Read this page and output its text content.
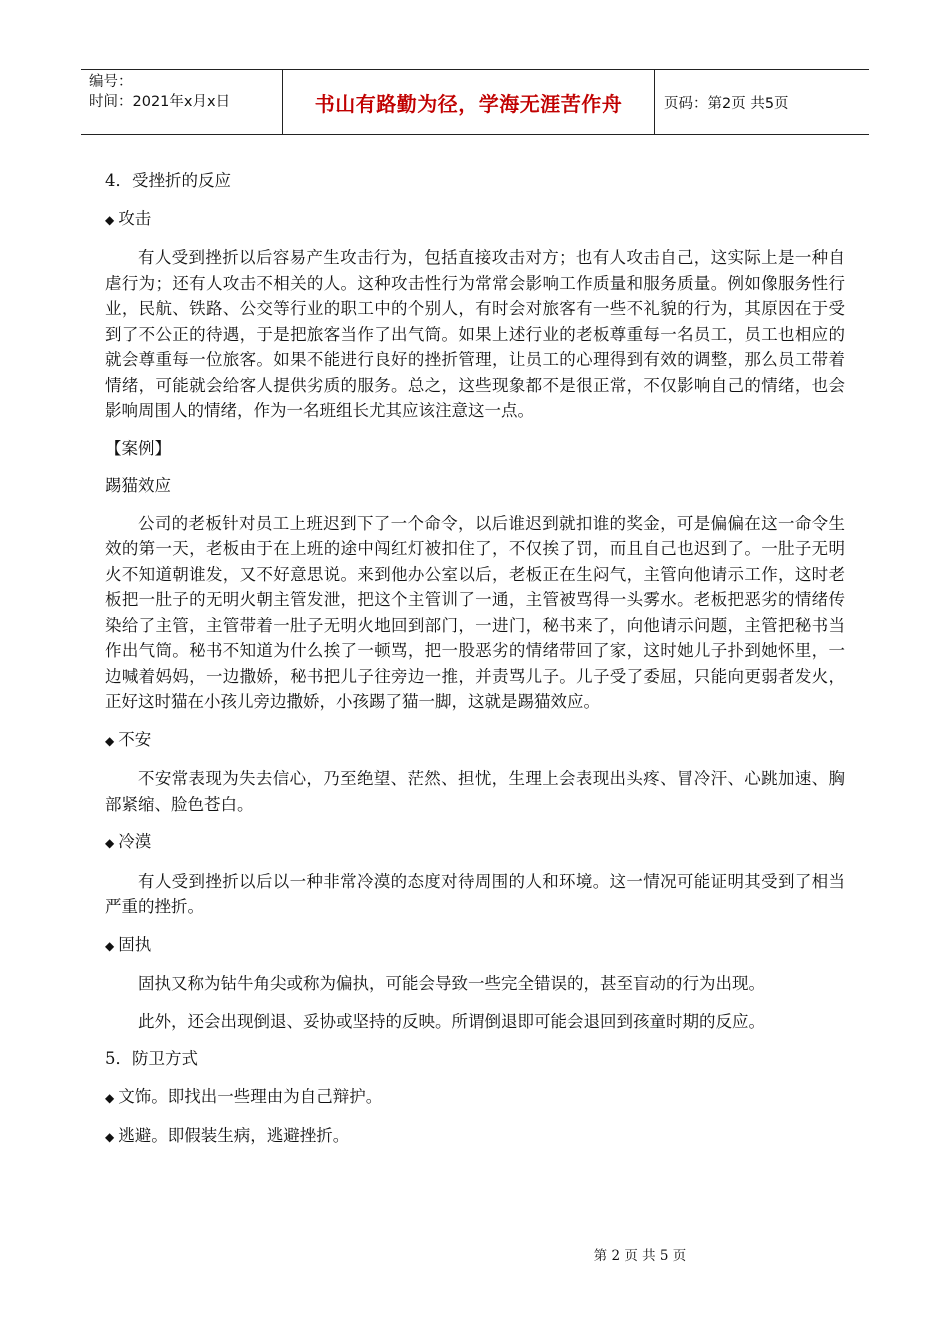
编号：
时间：2021年x月x日	书山有路勤为径，学海无涯苦作舟	页码：第2页 共5页

4．受挫折的反应

◆ 攻击

有人受到挫折以后容易产生攻击行为，包括直接攻击对方；也有人攻击自己，这实际上是一种自虐行为；还有人攻击不相关的人。这种攻击性行为常常会影响工作质量和服务质量。例如像服务性行业，民航、铁路、公交等行业的职工中的个别人，有时会对旅客有一些不礼貌的行为，其原因在于受到了不公正的待遇，于是把旅客当作了出气筒。如果上述行业的老板尊重每一名员工，员工也相应的就会尊重每一位旅客。如果不能进行良好的挫折管理，让员工的心理得到有效的调整，那么员工带着情绪，可能就会给客人提供劣质的服务。总之，这些现象都不是很正常，不仅影响自己的情绪，也会影响周围人的情绪，作为一名班组长尤其应该注意这一点。

【案例】

踢猫效应

公司的老板针对员工上班迟到下了一个命令，以后谁迟到就扣谁的奖金，可是偏偏在这一命令生效的第一天，老板由于在上班的途中闯红灯被扣住了，不仅挨了罚，而且自己也迟到了。一肚子无明火不知道朝谁发，又不好意思说。来到他办公室以后，老板正在生闷气，主管向他请示工作，这时老板把一肚子的无明火朝主管发泄，把这个主管训了一通，主管被骂得一头雾水。老板把恶劣的情绪传染给了主管，主管带着一肚子无明火地回到部门，一进门，秘书来了，向他请示问题，主管把秘书当作出气筒。秘书不知道为什么挨了一顿骂，把一股恶劣的情绪带回了家，这时她儿子扑到她怀里，一边喊着妈妈，一边撒娇，秘书把儿子往旁边一推，并责骂儿子。儿子受了委屈，只能向更弱者发火，正好这时猫在小孩儿旁边撒娇，小孩踢了猫一脚，这就是踢猫效应。

◆ 不安

不安常表现为失去信心，乃至绝望、茫然、担忧，生理上会表现出头疼、冒冷汗、心跳加速、胸部紧缩、脸色苍白。

◆ 冷漠

有人受到挫折以后以一种非常冷漠的态度对待周围的人和环境。这一情况可能证明其受到了相当严重的挫折。

◆ 固执

固执又称为钻牛角尖或称为偏执，可能会导致一些完全错误的，甚至盲动的行为出现。

此外，还会出现倒退、妥协或坚持的反映。所谓倒退即可能会退回到孩童时期的反应。

5．防卫方式

◆ 文饰。即找出一些理由为自己辩护。

◆ 逃避。即假装生病，逃避挫折。

第 2 页 共 5 页
